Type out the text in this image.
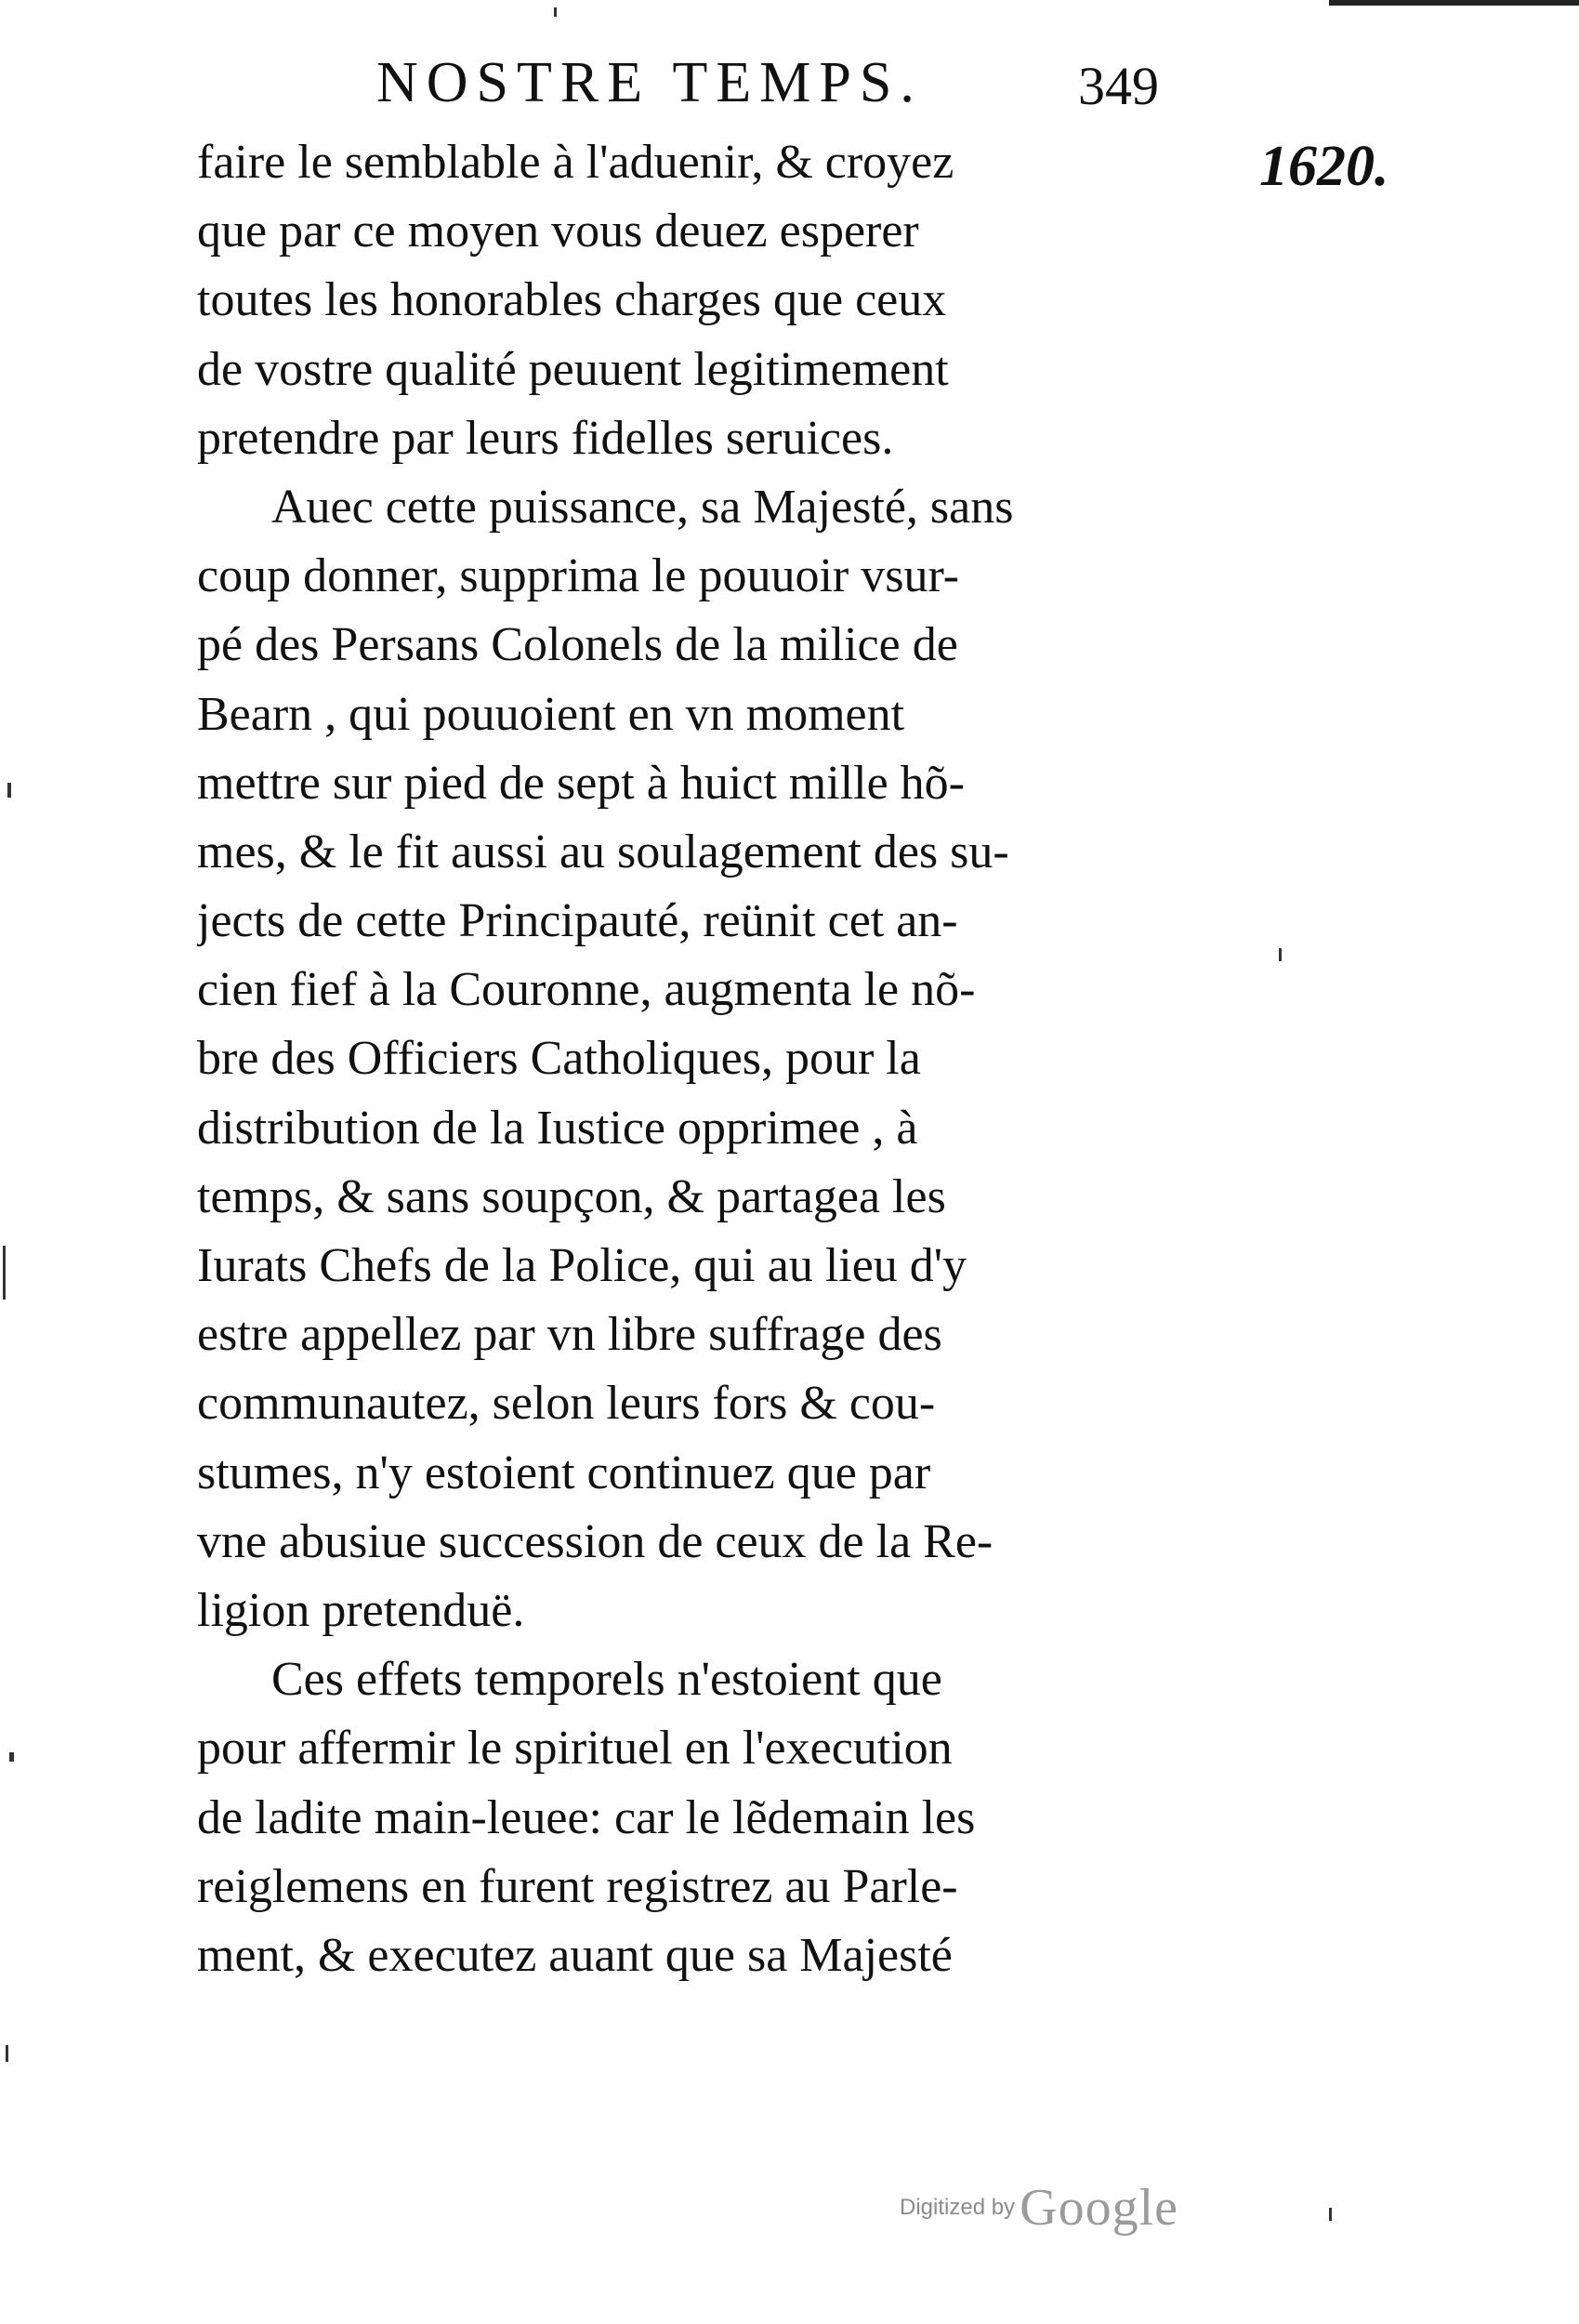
NOSTRE TEMPS.	349
1620.
faire le semblable à l'aduenir, & croyez
que par ce moyen vous deuez esperer
toutes les honorables charges que ceux
de vostre qualité peuuent legitimement
pretendre par leurs fidelles seruices.
Auec cette puissance, sa Majesté, sans
coup donner, supprima le pouuoir vsur-
pé des Persans Colonels de la milice de
Bearn , qui pouuoient en vn moment
mettre sur pied de sept à huict mille hõ-
mes, & le fit aussi au soulagement des su-
jects de cette Principauté, reünit cet an-
cien fief à la Couronne, augmenta le nõ-
bre des Officiers Catholiques, pour la
distribution de la Iustice opprimee , à
temps, & sans soupçon, & partagea les
Iurats Chefs de la Police, qui au lieu d'y
estre appellez par vn libre suffrage des
communautez, selon leurs fors & cou-
stumes, n'y estoient continuez que par
vne abusiue succession de ceux de la Re-
ligion pretenduë.
Ces effets temporels n'estoient que
pour affermir le spirituel en l'execution
de ladite main-leuee: car le lẽdemain les
reiglemens en furent registrez au Parle-
ment, & executez auant que sa Majesté
Digitized by Google
